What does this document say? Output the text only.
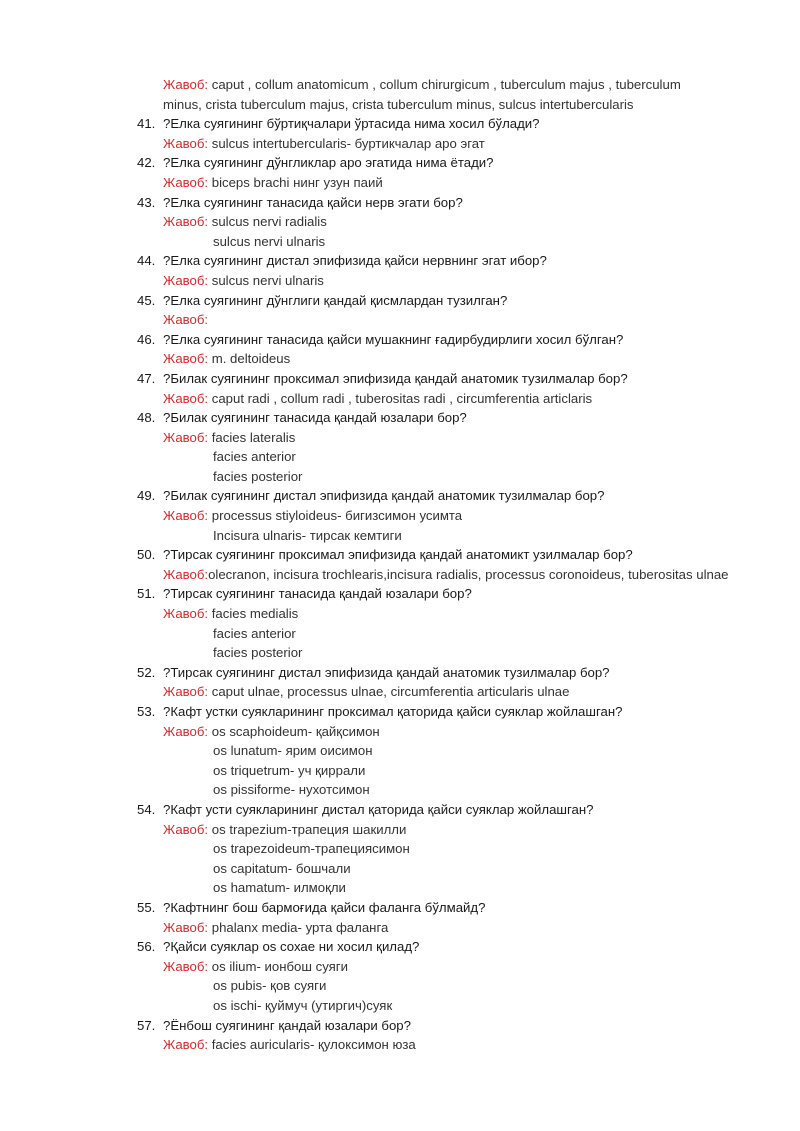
Жавоб: caput , collum anatomicum , collum chirurgicum , tuberculum majus , tuberculum
minus, crista tuberculum majus, crista tuberculum minus, sulcus intertubercularis
41. ?Елка суягининг бўртиқчалари ўртасида нима хосил бўлади?
Жавоб: sulcus intertubercularis- буртикчалар аро эгат
42. ?Елка суягининг дўнгликлар аро эгатида нима ётади?
Жавоб: biceps brachi нинг узун паий
43. ?Елка суягининг танасида қайси нерв эгати бор?
Жавоб: sulcus nervi radialis
sulcus nervi ulnaris
44. ?Елка суягининг дистал эпифизида қайси нервнинг эгат ибор?
Жавоб: sulcus nervi ulnaris
45. ?Елка суягининг дўнглиги қандай қисмлардан тузилган?
Жавоб:
46. ?Елка суягининг танасида қайси мушакнинг ғадирбудирлиги хосил бўлган?
Жавоб: m. deltoideus
47. ?Билак суягининг проксимал эпифизида қандай анатомик тузилмалар бор?
Жавоб: caput radi , collum radi , tuberositas radi , circumferentia articlaris
48. ?Билак суягининг танасида қандай юзалари бор?
Жавоб: facies lateralis
facies anterior
facies posterior
49. ?Билак суягининг дистал эпифизида қандай анатомик тузилмалар бор?
Жавоб: processus stiyloideus- бигизсимон усимта
Incisura ulnaris- тирсак кемтиги
50. ?Тирсак суягининг проксимал эпифизида қандай анатомикт узилмалар бор?
Жавоб:olecranon, incisura trochlearis,incisura radialis, processus coronoideus, tuberositas ulnae
51. ?Тирсак суягининг танасида қандай юзалари бор?
Жавоб: facies medialis
facies anterior
facies posterior
52. ?Тирсак суягининг дистал эпифизида қандай анатомик тузилмалар бор?
Жавоб: caput ulnae, processus ulnae, circumferentia articularis ulnae
53. ?Кафт устки суякларининг проксимал қаторида қайси суяклар жойлашган?
Жавоб: os scaphoideum- қайқсимон
os lunatum- ярим оисимон
os triquetrum- уч қиррали
os pissiforme- нухотсимон
54. ?Кафт усти суякларининг дистал қаторида қайси суяклар жойлашган?
Жавоб: os trapezium-трапеция шакилли
os trapezoideum-трапециясимон
os capitatum- бошчали
os hamatum- илмоқли
55. ?Кафтнинг бош бармоғида қайси фаланга бўлмайд?
Жавоб: phalanx media- урта фаланга
56. ?Қайси суяклар os сохае ни хосил қилад?
Жавоб: os ilium- ионбош суяги
os pubis- қов суяги
os ischi- қуймуч (утиргич)суяк
57. ?Ёнбош суягининг қандай юзалари бор?
Жавоб: facies auricularis- қулоксимон юза
